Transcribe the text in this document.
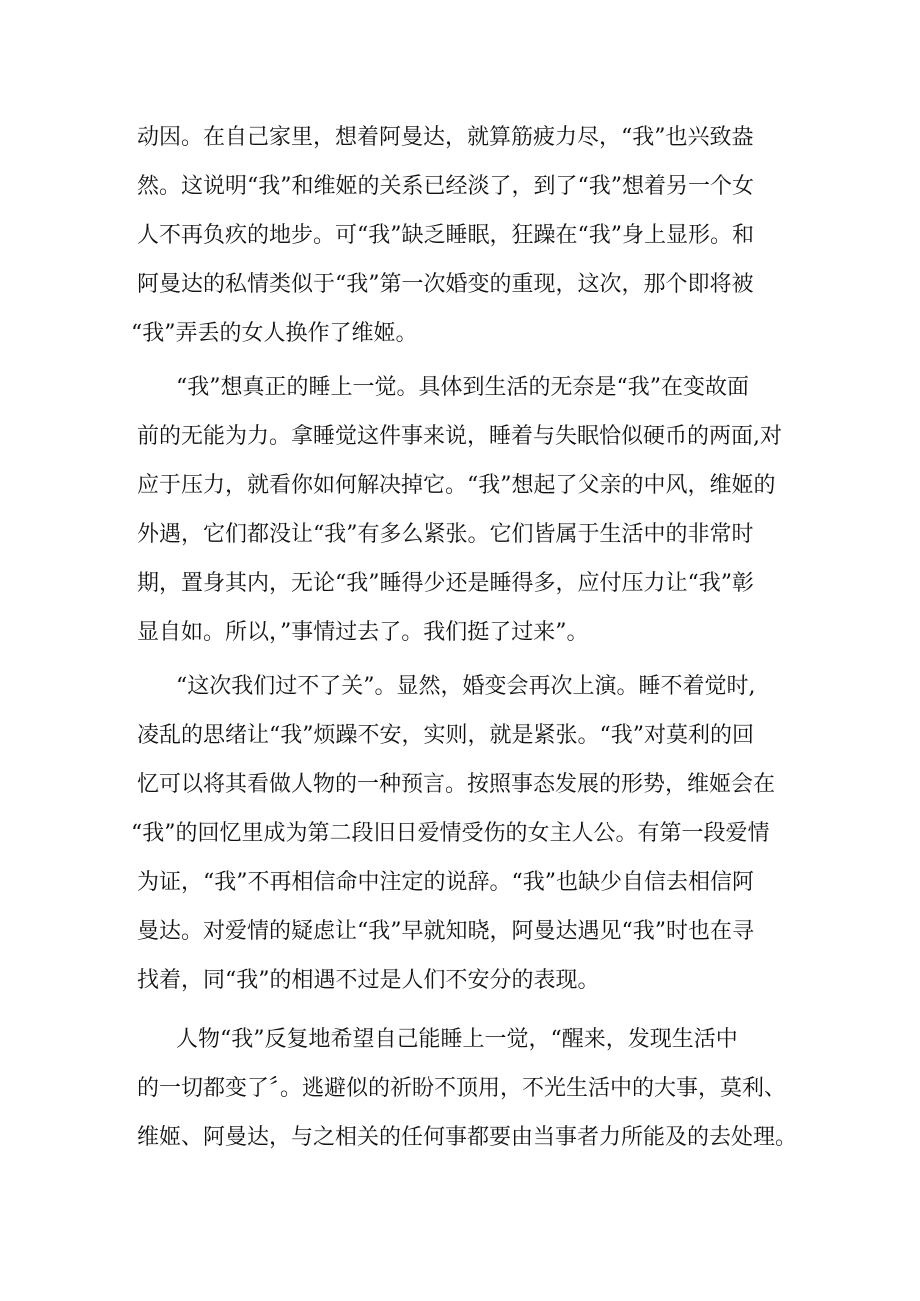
动因。在自己家里，想着阿曼达，就算筋疲力尽，“我”也兴致盎

然。这说明“我”和维姬的关系已经淡了，到了“我”想着另一个女

人不再负疚的地步。可“我”缺乏睡眠，狂躁在“我”身上显形。和

阿曼达的私情类似于“我”第一次婚变的重现，这次，那个即将被

“我”弄丢的女人换作了维姬。

“我”想真正的睡上一觉。具体到生活的无奈是“我”在变故面

前的无能为力。拿睡觉这件事来说，睡着与失眠恰似硬币的两面,对

应于压力，就看你如何解决掉它。“我”想起了父亲的中风，维姬的

外遇，它们都没让“我”有多么紧张。它们皆属于生活中的非常时

期，置身其内，无论“我”睡得少还是睡得多，应付压力让“我”彰

显自如。所以，”事情过去了。我们挺了过来”。

“这次我们过不了关”。显然，婚变会再次上演。睡不着觉时,

凌乱的思绪让“我”烦躁不安，实则，就是紧张。“我”对莫利的回

忆可以将其看做人物的一种预言。按照事态发展的形势，维姬会在

“我”的回忆里成为第二段旧日爱情受伤的女主人公。有第一段爱情

为证，“我”不再相信命中注定的说辞。“我”也缺少自信去相信阿

曼达。对爱情的疑虑让“我”早就知晓，阿曼达遇见“我”时也在寻

找着，同“我”的相遇不过是人们不安分的表现。

人物“我”反复地希望自己能睡上一觉，“醒来，发现生活中

的一切都变了〞。逃避似的祈盼不顶用，不光生活中的大事，莫利、

维姬、阿曼达，与之相关的任何事都要由当事者力所能及的去处理。
